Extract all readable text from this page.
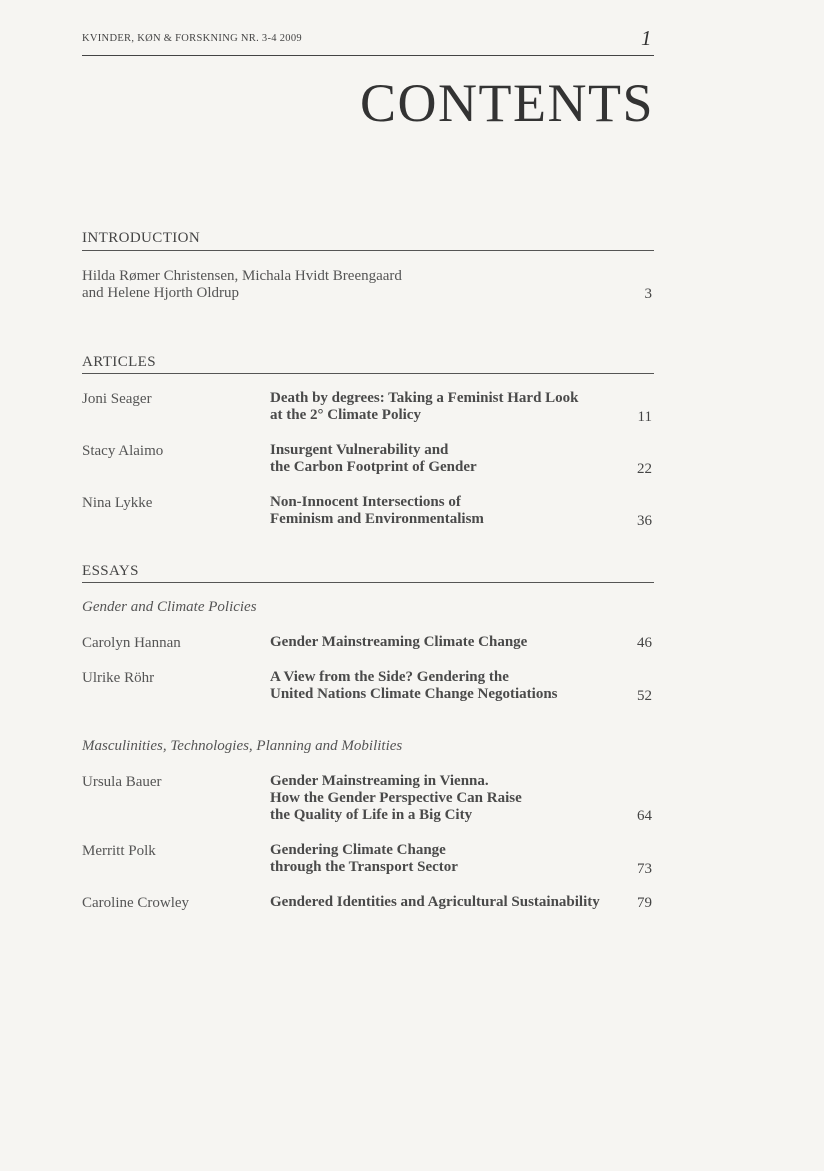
KVINDER, KØN & FORSKNING NR. 3-4 2009	1
CONTENTS
INTRODUCTION
Hilda Rømer Christensen, Michala Hvidt Breengaard
and Helene Hjorth Oldrup	3
ARTICLES
Joni Seager	Death by degrees: Taking a Feminist Hard Look
at the 2° Climate Policy	11
Stacy Alaimo	Insurgent Vulnerability and
the Carbon Footprint of Gender	22
Nina Lykke	Non-Innocent Intersections of
Feminism and Environmentalism	36
ESSAYS
Gender and Climate Policies
Carolyn Hannan	Gender Mainstreaming Climate Change	46
Ulrike Röhr	A View from the Side? Gendering the
United Nations Climate Change Negotiations	52
Masculinities, Technologies, Planning and Mobilities
Ursula Bauer	Gender Mainstreaming in Vienna.
How the Gender Perspective Can Raise
the Quality of Life in a Big City	64
Merritt Polk	Gendering Climate Change
through the Transport Sector	73
Caroline Crowley	Gendered Identities and Agricultural Sustainability 79
